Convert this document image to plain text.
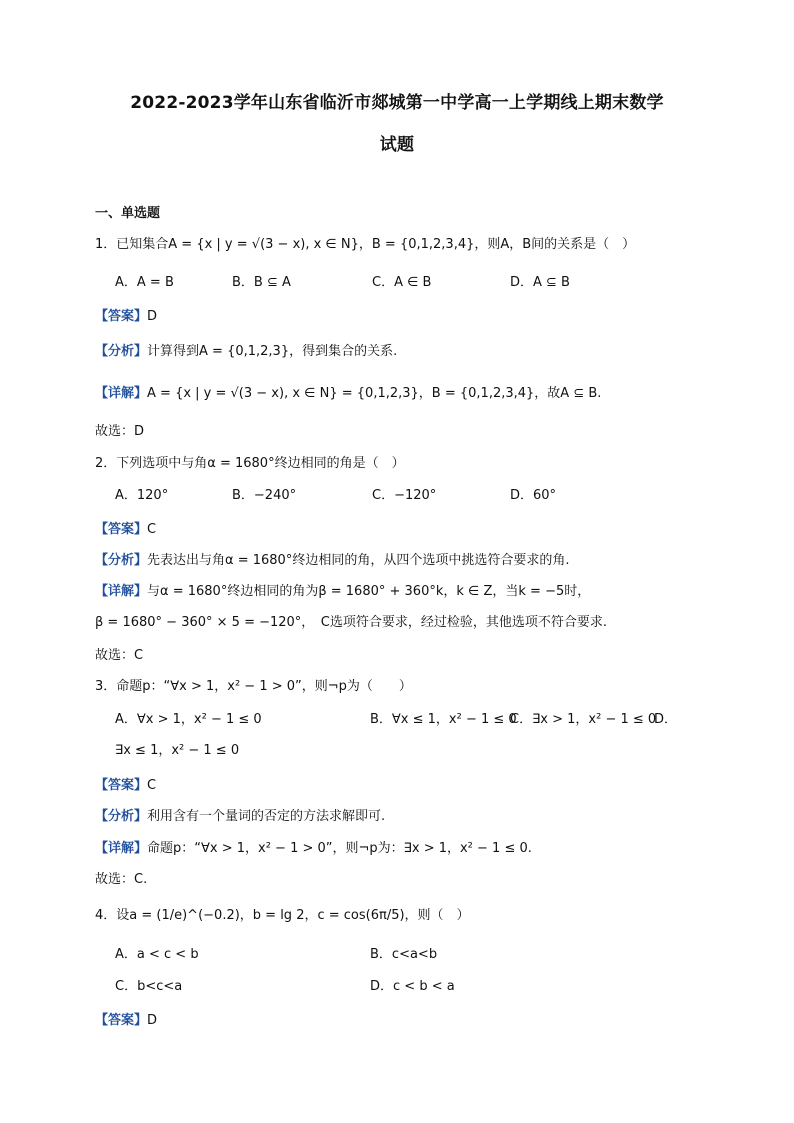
2022-2023学年山东省临沂市郯城第一中学高一上学期线上期末数学
试题
一、单选题
1．已知集合A = {x | y = √(3 − x), x ∈ N}，B = {0,1,2,3,4}，则A，B间的关系是（　）
A．A = B	B．B ⊆ A	C．A ∈ B	D．A ⊆ B
【答案】D
【分析】计算得到A = {0,1,2,3}，得到集合的关系.
【详解】A = {x | y = √(3 − x), x ∈ N} = {0,1,2,3}，B = {0,1,2,3,4}，故A ⊆ B.
故选：D
2．下列选项中与角α = 1680°终边相同的角是（　）
A．120°	B．−240°	C．−120°	D．60°
【答案】C
【分析】先表达出与角α = 1680°终边相同的角，从四个选项中挑选符合要求的角.
【详解】与α = 1680°终边相同的角为β = 1680° + 360°k，k ∈ Z，当k = −5时，
β = 1680° − 360° × 5 = −120°，　C选项符合要求，经过检验，其他选项不符合要求.
故选：C
3．命题p：“∀x > 1，x² − 1 > 0”，则¬p为（　　）
A．∀x > 1，x² − 1 ≤ 0	B．∀x ≤ 1，x² − 1 ≤ 0
C．∃x > 1，x² − 1 ≤ 0
D．
∃x ≤ 1，x² − 1 ≤ 0
【答案】C
【分析】利用含有一个量词的否定的方法求解即可.
【详解】命题p：“∀x > 1，x² − 1 > 0”，则¬p为：∃x > 1，x² − 1 ≤ 0.
故选：C.
4．设a = (1/e)^(−0.2)，b = lg 2，c = cos(6π/5)，则（　）
A．a < c < b	B．c<a<b
C．b<c<a	D．c < b < a
【答案】D
